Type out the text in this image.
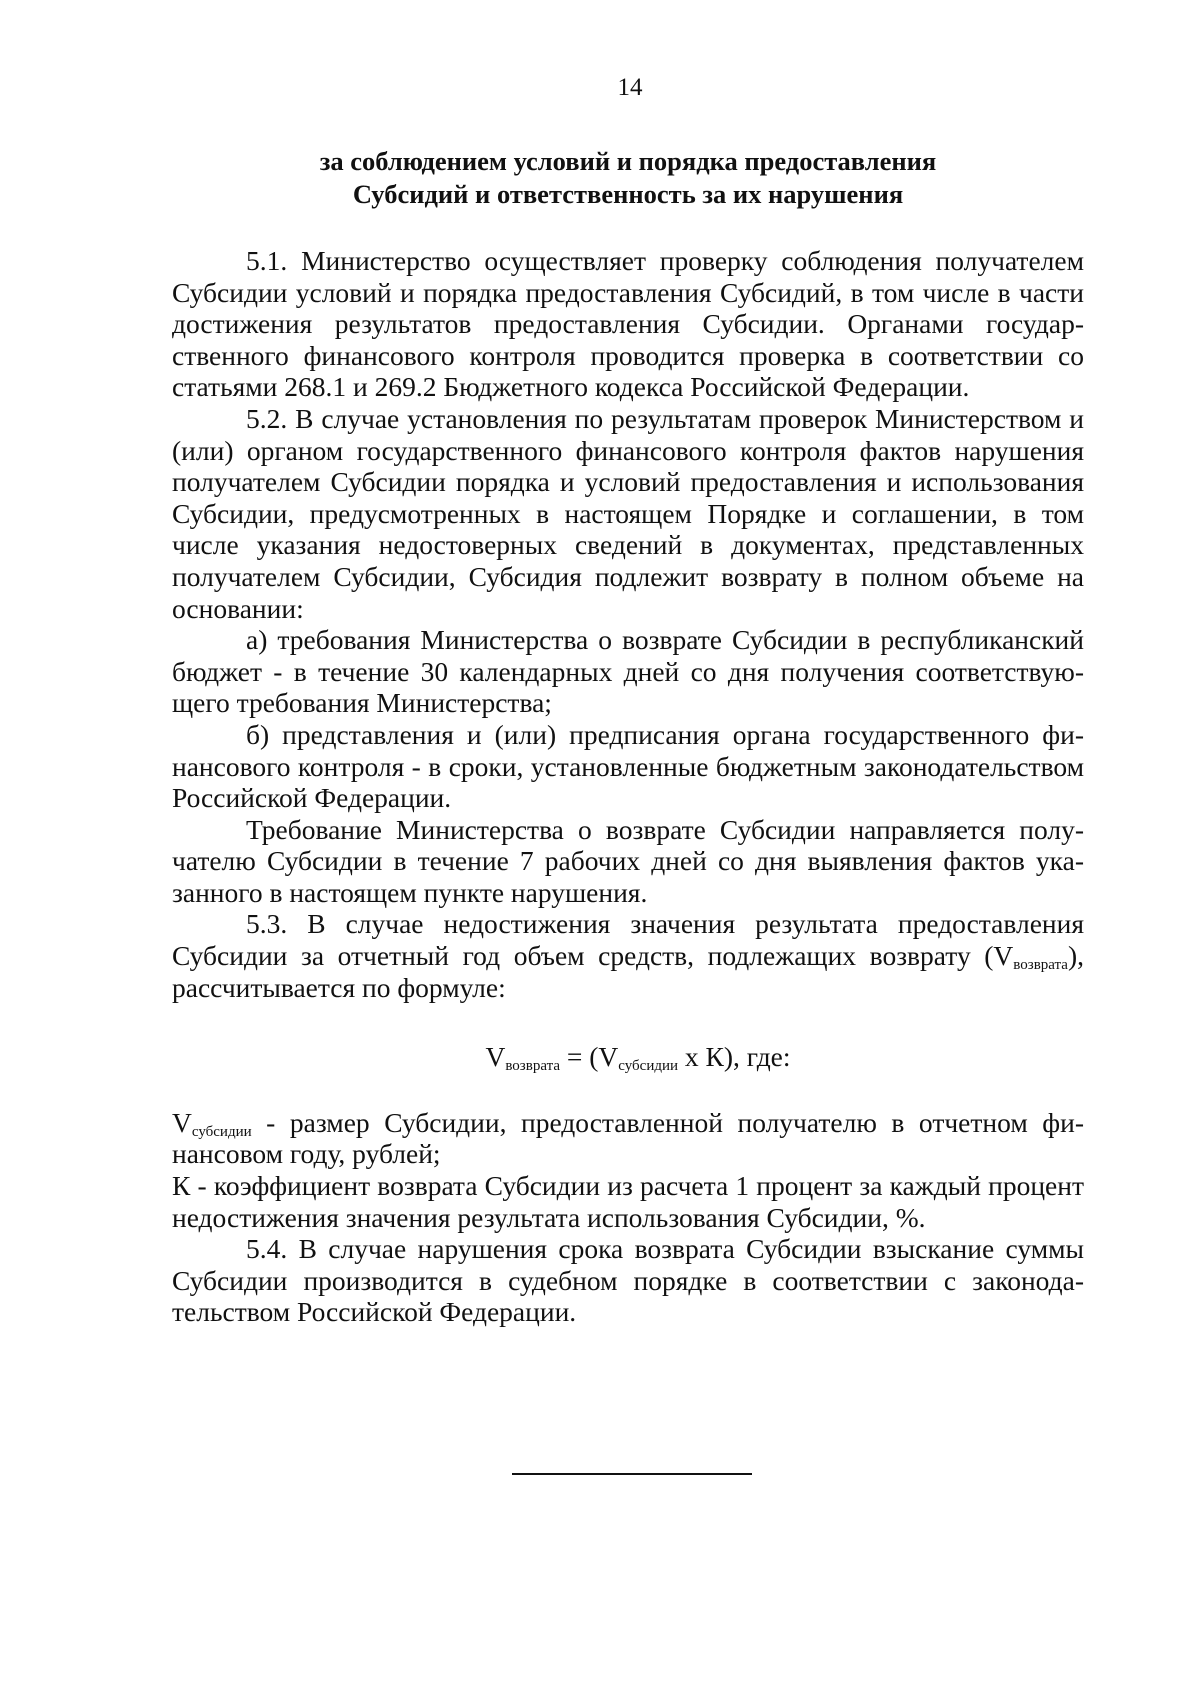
14
за соблюдением условий и порядка предоставления
Субсидий и ответственность за их нарушения

5.1. Министерство осуществляет проверку соблюдения получателем Субсидии условий и порядка предоставления Субсидий, в том числе в части достижения результатов предоставления Субсидии. Органами государственного финансового контроля проводится проверка в соответствии со статьями 268.1 и 269.2 Бюджетного кодекса Российской Федерации.

5.2. В случае установления по результатам проверок Министерством и (или) органом государственного финансового контроля фактов нарушения получателем Субсидии порядка и условий предоставления и использования Субсидии, предусмотренных в настоящем Порядке и соглашении, в том числе указания недостоверных сведений в документах, представленных получателем Субсидии, Субсидия подлежит возврату в полном объеме на основании:

а) требования Министерства о возврате Субсидии в республиканский бюджет - в течение 30 календарных дней со дня получения соответствующего требования Министерства;

б) представления и (или) предписания органа государственного финансового контроля - в сроки, установленные бюджетным законодательством Российской Федерации.

Требование Министерства о возврате Субсидии направляется получателю Субсидии в течение 7 рабочих дней со дня выявления фактов указанного в настоящем пункте нарушения.

5.3. В случае недостижения значения результата предоставления Субсидии за отчетный год объем средств, подлежащих возврату $(V_{возврата})$, рассчитывается по формуле:

$V_{возврата} = (V_{субсидии}$ х К), где:

$V_{субсидии}$ - размер Субсидии, предоставленной получателю в отчетном финансовом году, рублей;

К - коэффициент возврата Субсидии из расчета 1 процент за каждый процент недостижения значения результата использования Субсидии, %.

5.4. В случае нарушения срока возврата Субсидии взыскание суммы Субсидии производится в судебном порядке в соответствии с законодательством Российской Федерации.
